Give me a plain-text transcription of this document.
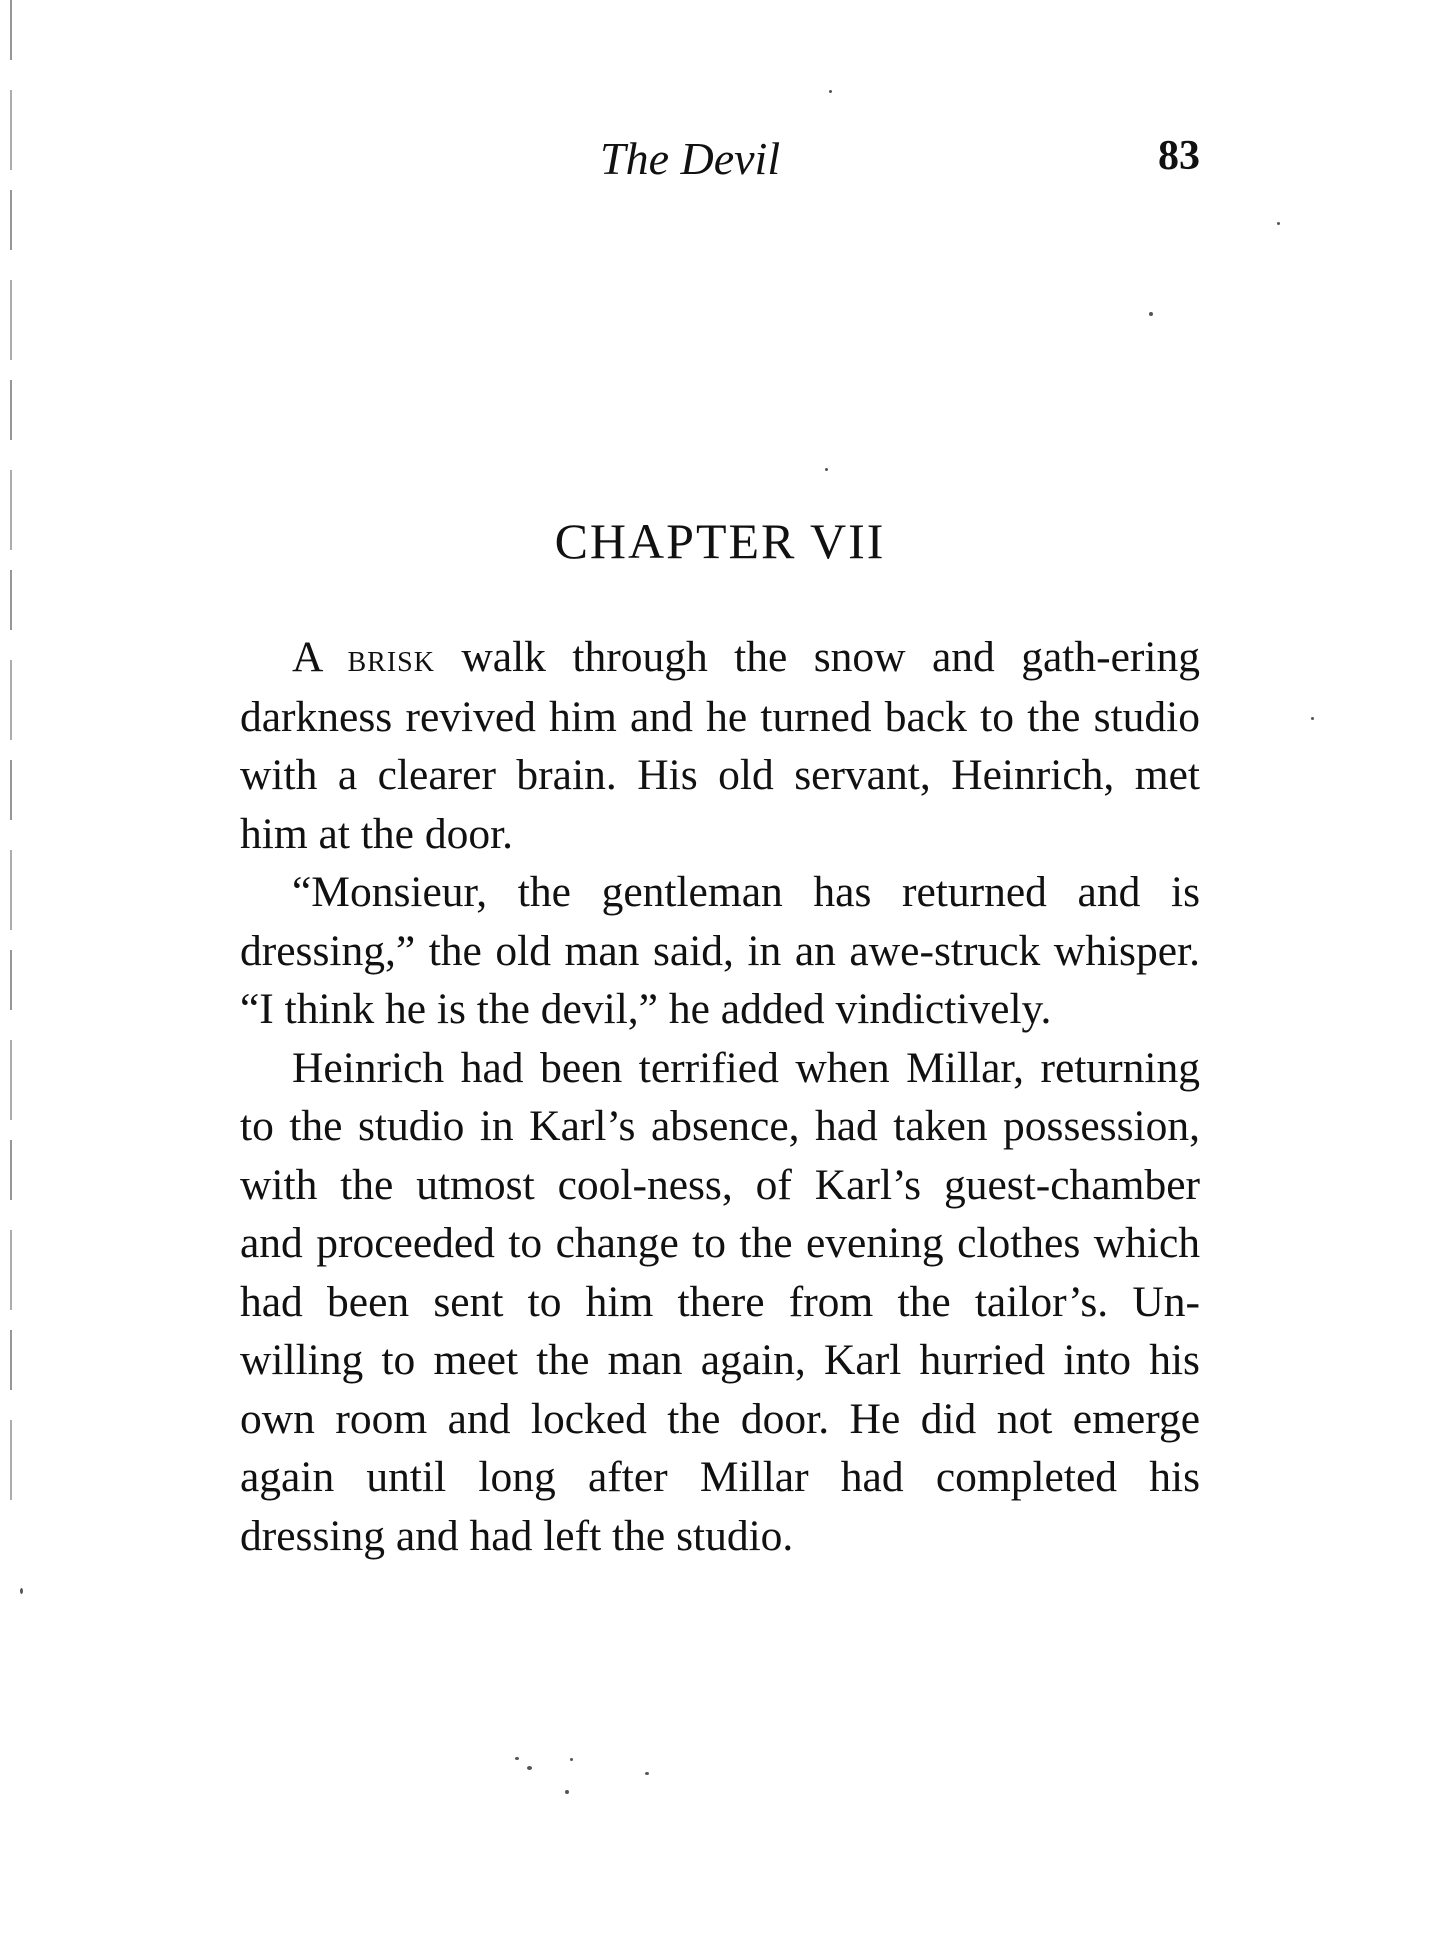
The Devil	83
CHAPTER VII

A brisk walk through the snow and gath-ering darkness revived him and he turned back to the studio with a clearer brain. His old servant, Heinrich, met him at the door.

“Monsieur, the gentleman has returned and is dressing,” the old man said, in an awe-struck whisper. “I think he is the devil,” he added vindictively.

Heinrich had been terrified when Millar, returning to the studio in Karl’s absence, had taken possession, with the utmost cool-ness, of Karl’s guest-chamber and proceeded to change to the evening clothes which had been sent to him there from the tailor’s. Un-willing to meet the man again, Karl hurried into his own room and locked the door. He did not emerge again until long after Millar had completed his dressing and had left the studio.
